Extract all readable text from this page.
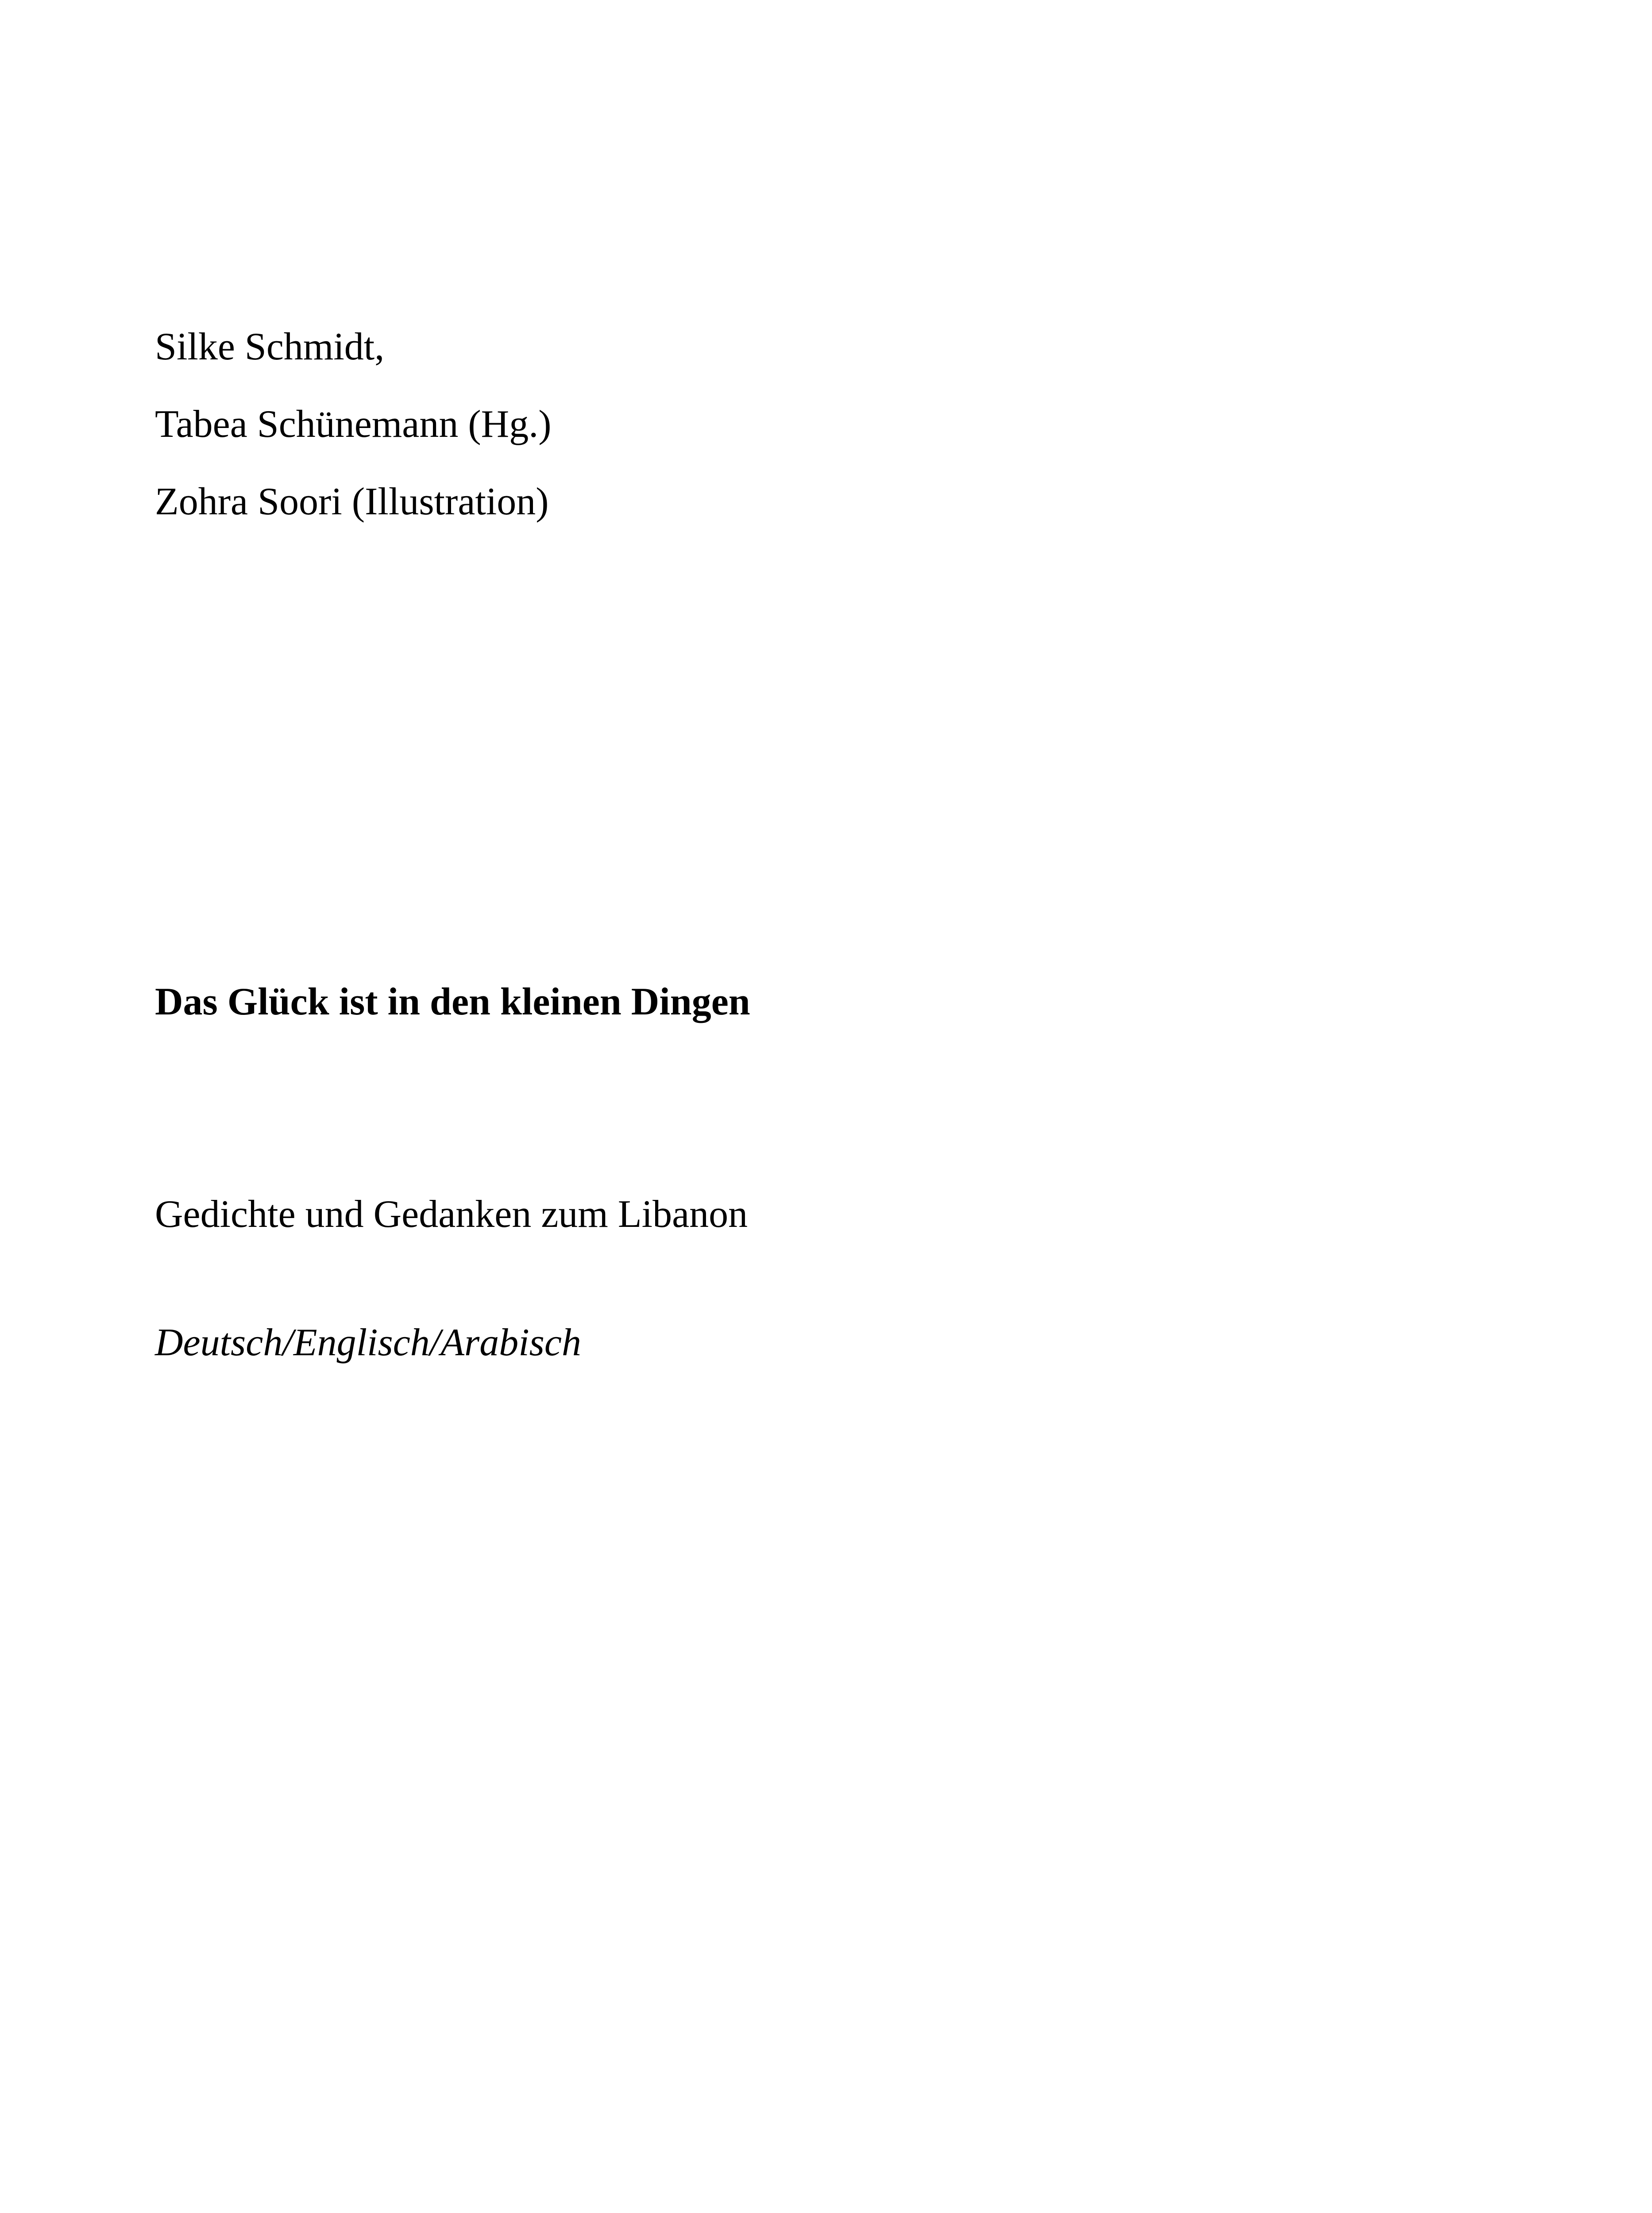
Silke Schmidt,
Tabea Schünemann (Hg.)
Zohra Soori (Illustration)
Das Glück ist in den kleinen Dingen
Gedichte und Gedanken zum Libanon
Deutsch/Englisch/Arabisch
